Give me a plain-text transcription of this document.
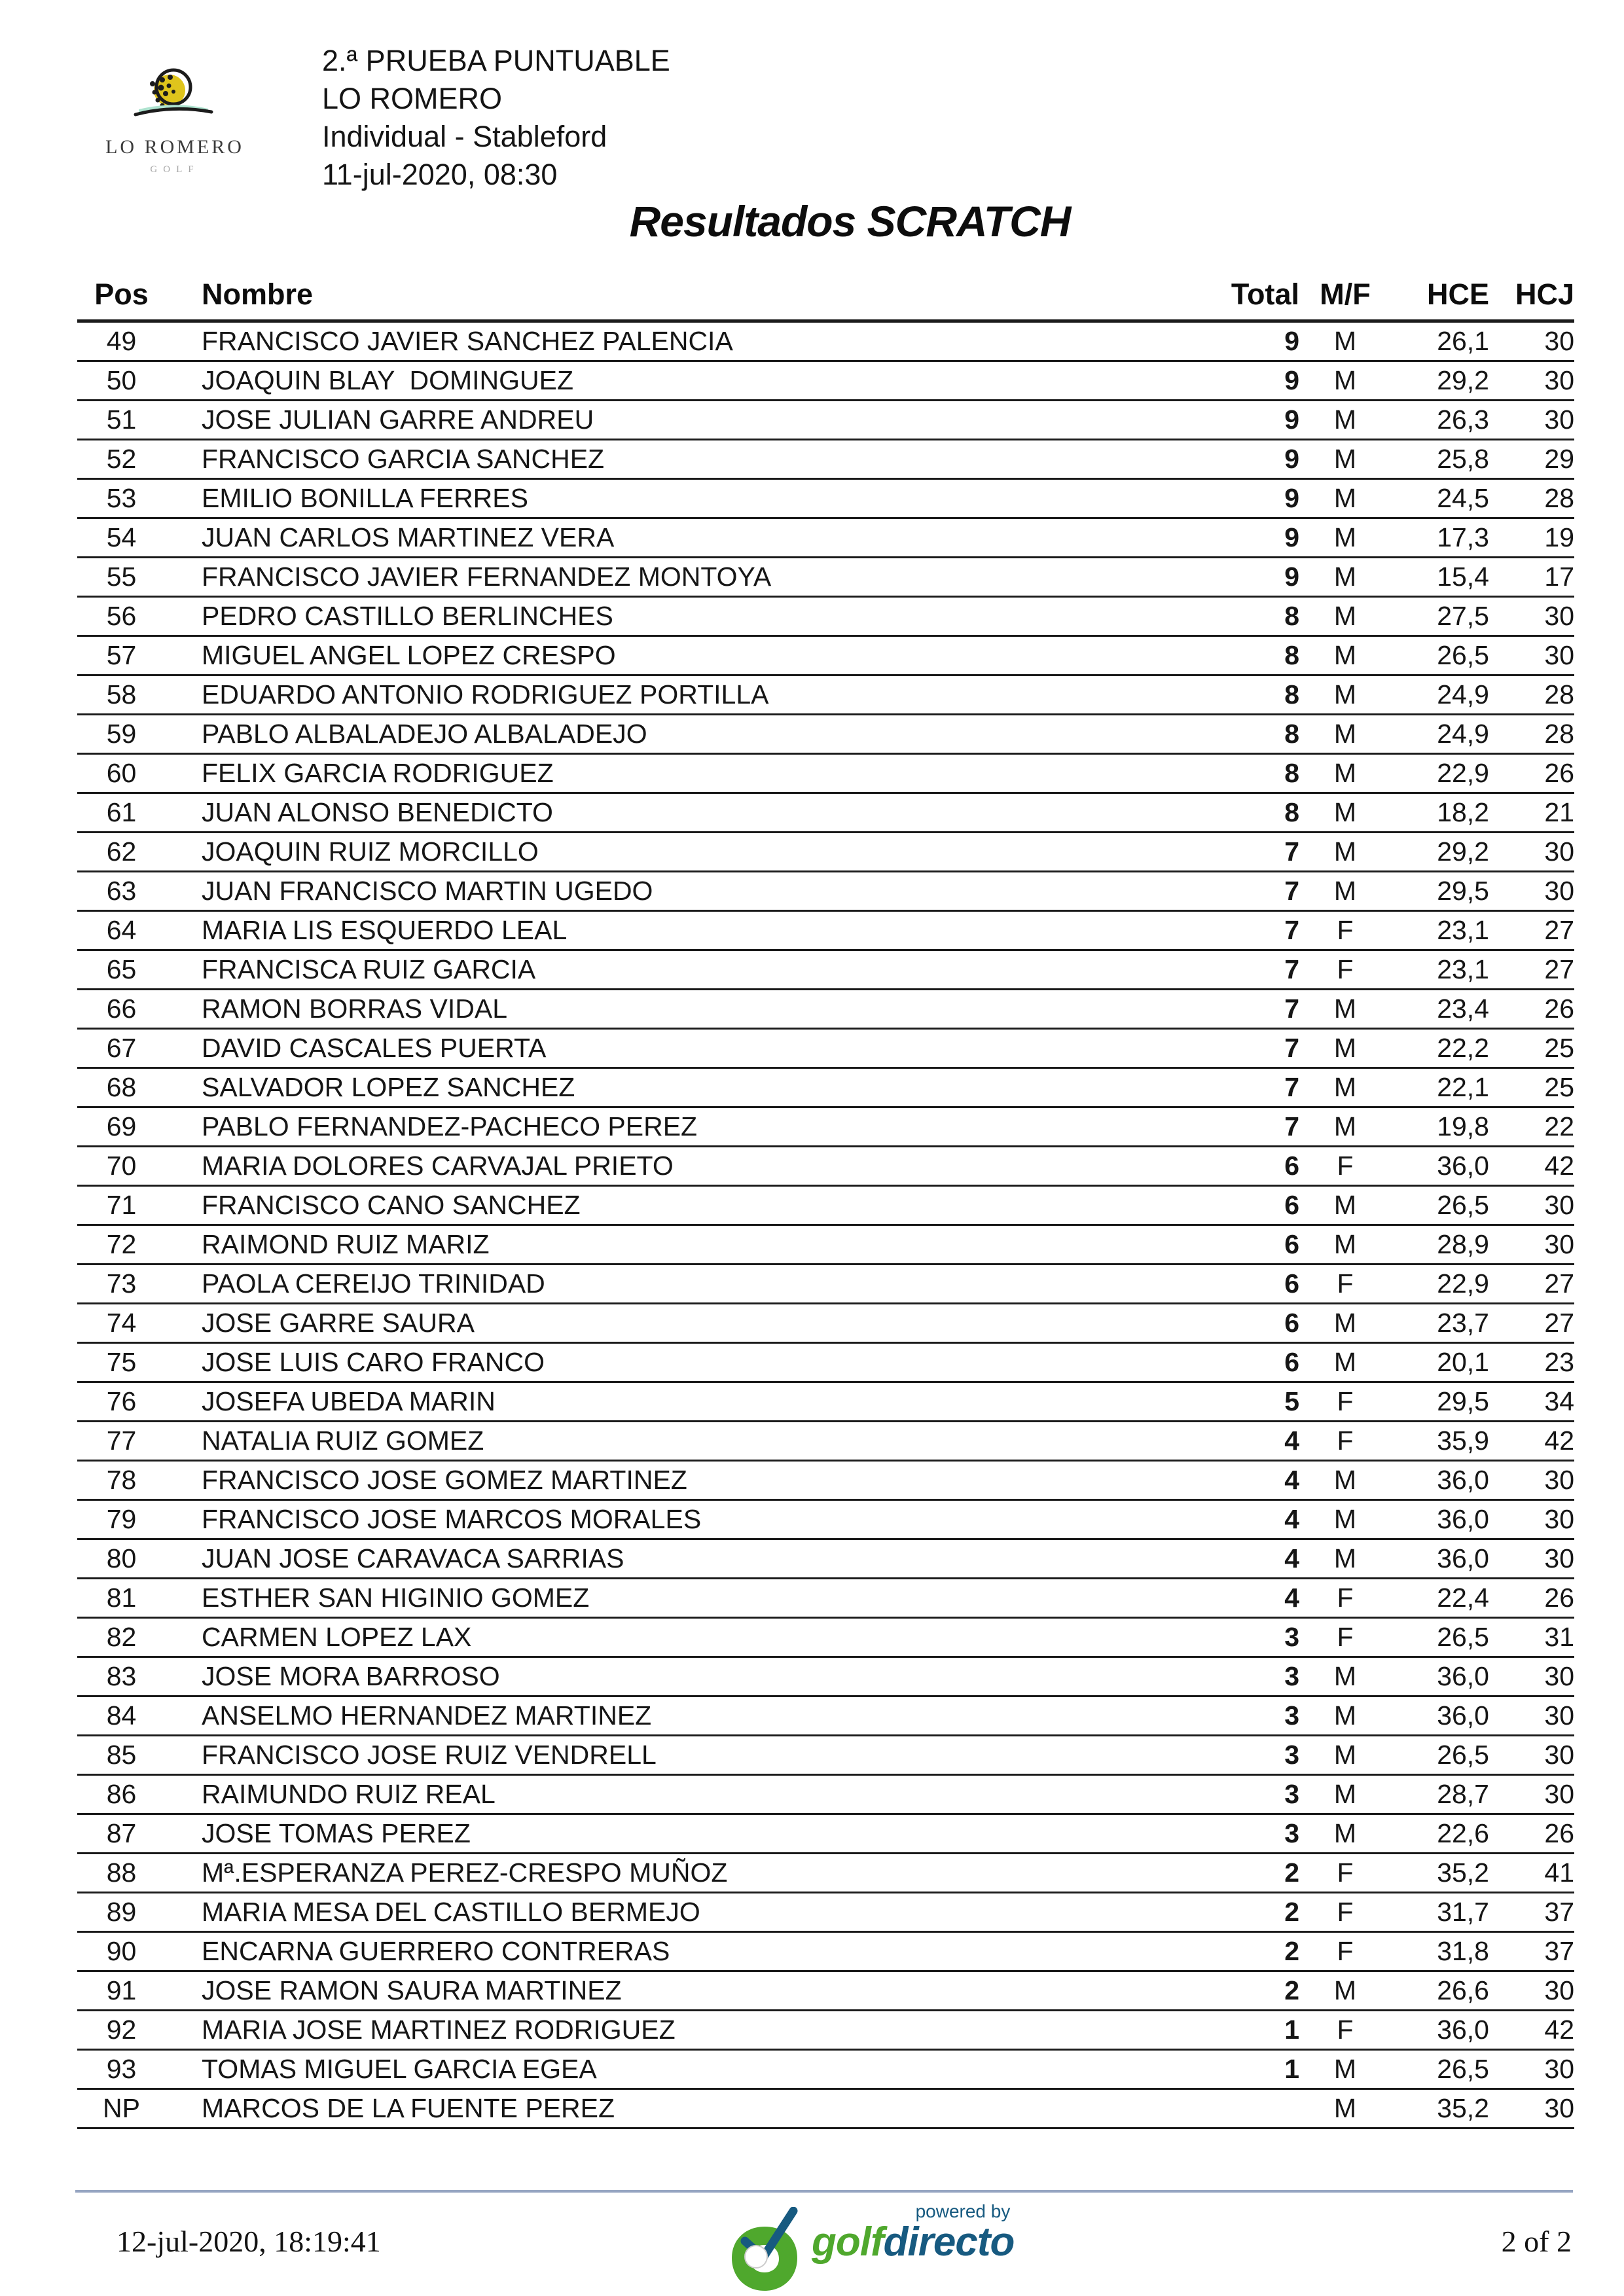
LO ROMERO
GOLF
2.ª PRUEBA PUNTUABLE
LO ROMERO
Individual - Stableford
11-jul-2020, 08:30
Resultados SCRATCH
Pos	Nombre	Total	M/F	HCE	HCJ
49	FRANCISCO JAVIER SANCHEZ PALENCIA	9	M	26,1	30
50	JOAQUIN BLAY  DOMINGUEZ	9	M	29,2	30
51	JOSE JULIAN GARRE ANDREU	9	M	26,3	30
52	FRANCISCO GARCIA SANCHEZ	9	M	25,8	29
53	EMILIO BONILLA FERRES	9	M	24,5	28
54	JUAN CARLOS MARTINEZ VERA	9	M	17,3	19
55	FRANCISCO JAVIER FERNANDEZ MONTOYA	9	M	15,4	17
56	PEDRO CASTILLO BERLINCHES	8	M	27,5	30
57	MIGUEL ANGEL LOPEZ CRESPO	8	M	26,5	30
58	EDUARDO ANTONIO RODRIGUEZ PORTILLA	8	M	24,9	28
59	PABLO ALBALADEJO ALBALADEJO	8	M	24,9	28
60	FELIX GARCIA RODRIGUEZ	8	M	22,9	26
61	JUAN ALONSO BENEDICTO	8	M	18,2	21
62	JOAQUIN RUIZ MORCILLO	7	M	29,2	30
63	JUAN FRANCISCO MARTIN UGEDO	7	M	29,5	30
64	MARIA LIS ESQUERDO LEAL	7	F	23,1	27
65	FRANCISCA RUIZ GARCIA	7	F	23,1	27
66	RAMON BORRAS VIDAL	7	M	23,4	26
67	DAVID CASCALES PUERTA	7	M	22,2	25
68	SALVADOR LOPEZ SANCHEZ	7	M	22,1	25
69	PABLO FERNANDEZ-PACHECO PEREZ	7	M	19,8	22
70	MARIA DOLORES CARVAJAL PRIETO	6	F	36,0	42
71	FRANCISCO CANO SANCHEZ	6	M	26,5	30
72	RAIMOND RUIZ MARIZ	6	M	28,9	30
73	PAOLA CEREIJO TRINIDAD	6	F	22,9	27
74	JOSE GARRE SAURA	6	M	23,7	27
75	JOSE LUIS CARO FRANCO	6	M	20,1	23
76	JOSEFA UBEDA MARIN	5	F	29,5	34
77	NATALIA RUIZ GOMEZ	4	F	35,9	42
78	FRANCISCO JOSE GOMEZ MARTINEZ	4	M	36,0	30
79	FRANCISCO JOSE MARCOS MORALES	4	M	36,0	30
80	JUAN JOSE CARAVACA SARRIAS	4	M	36,0	30
81	ESTHER SAN HIGINIO GOMEZ	4	F	22,4	26
82	CARMEN LOPEZ LAX	3	F	26,5	31
83	JOSE MORA BARROSO	3	M	36,0	30
84	ANSELMO HERNANDEZ MARTINEZ	3	M	36,0	30
85	FRANCISCO JOSE RUIZ VENDRELL	3	M	26,5	30
86	RAIMUNDO RUIZ REAL	3	M	28,7	30
87	JOSE TOMAS PEREZ	3	M	22,6	26
88	Mª.ESPERANZA PEREZ-CRESPO MUÑOZ	2	F	35,2	41
89	MARIA MESA DEL CASTILLO BERMEJO	2	F	31,7	37
90	ENCARNA GUERRERO CONTRERAS	2	F	31,8	37
91	JOSE RAMON SAURA MARTINEZ	2	M	26,6	30
92	MARIA JOSE MARTINEZ RODRIGUEZ	1	F	36,0	42
93	TOMAS MIGUEL GARCIA EGEA	1	M	26,5	30
NP	MARCOS DE LA FUENTE PEREZ		M	35,2	30
12-jul-2020, 18:19:41
powered by
golfdirecto	2 of 2
